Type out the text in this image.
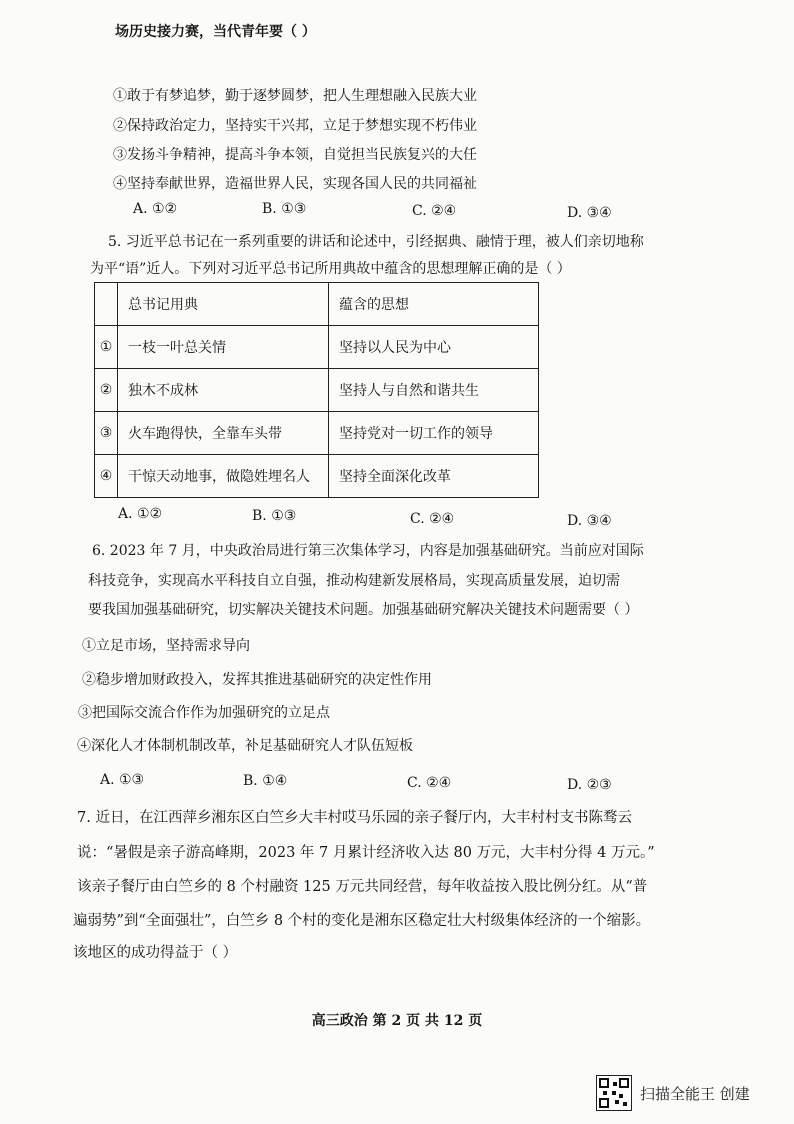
场历史接力赛，当代青年要（ ）
①敢于有梦追梦，勤于逐梦圆梦，把人生理想融入民族大业
②保持政治定力，坚持实干兴邦，立足于梦想实现不朽伟业
③发扬斗争精神，提高斗争本领，自觉担当民族复兴的大任
④坚持奉献世界，造福世界人民，实现各国人民的共同福祉
A. ①②	B. ①③	C. ②④	D. ③④
5. 习近平总书记在一系列重要的讲话和论述中，引经据典、融情于理，被人们亲切地称
为平“语”近人。下列对习近平总书记所用典故中蕴含的思想理解正确的是（ ）
	总书记用典	蕴含的思想
①	一枝一叶总关情	坚持以人民为中心
②	独木不成林	坚持人与自然和谐共生
③	火车跑得快，全靠车头带	坚持党对一切工作的领导
④	干惊天动地事，做隐姓埋名人	坚持全面深化改革
A. ①②	B. ①③	C. ②④	D. ③④
6. 2023 年 7 月，中央政治局进行第三次集体学习，内容是加强基础研究。当前应对国际
科技竞争，实现高水平科技自立自强，推动构建新发展格局，实现高质量发展，迫切需
要我国加强基础研究，切实解决关键技术问题。加强基础研究解决关键技术问题需要（ ）
①立足市场，坚持需求导向
②稳步增加财政投入，发挥其推进基础研究的决定性作用
③把国际交流合作作为加强研究的立足点
④深化人才体制机制改革，补足基础研究人才队伍短板
A. ①③	B. ①④	C. ②④	D. ②③
7. 近日，在江西萍乡湘东区白竺乡大丰村哎马乐园的亲子餐厅内，大丰村村支书陈骛云
说：“暑假是亲子游高峰期，2023 年 7 月累计经济收入达 80 万元，大丰村分得 4 万元。”
该亲子餐厅由白竺乡的 8 个村融资 125 万元共同经营，每年收益按入股比例分红。从“普
遍弱势”到“全面强壮”，白竺乡 8 个村的变化是湘东区稳定壮大村级集体经济的一个缩影。
该地区的成功得益于（ ）
高三政治 第 2 页 共 12 页
扫描全能王 创建
